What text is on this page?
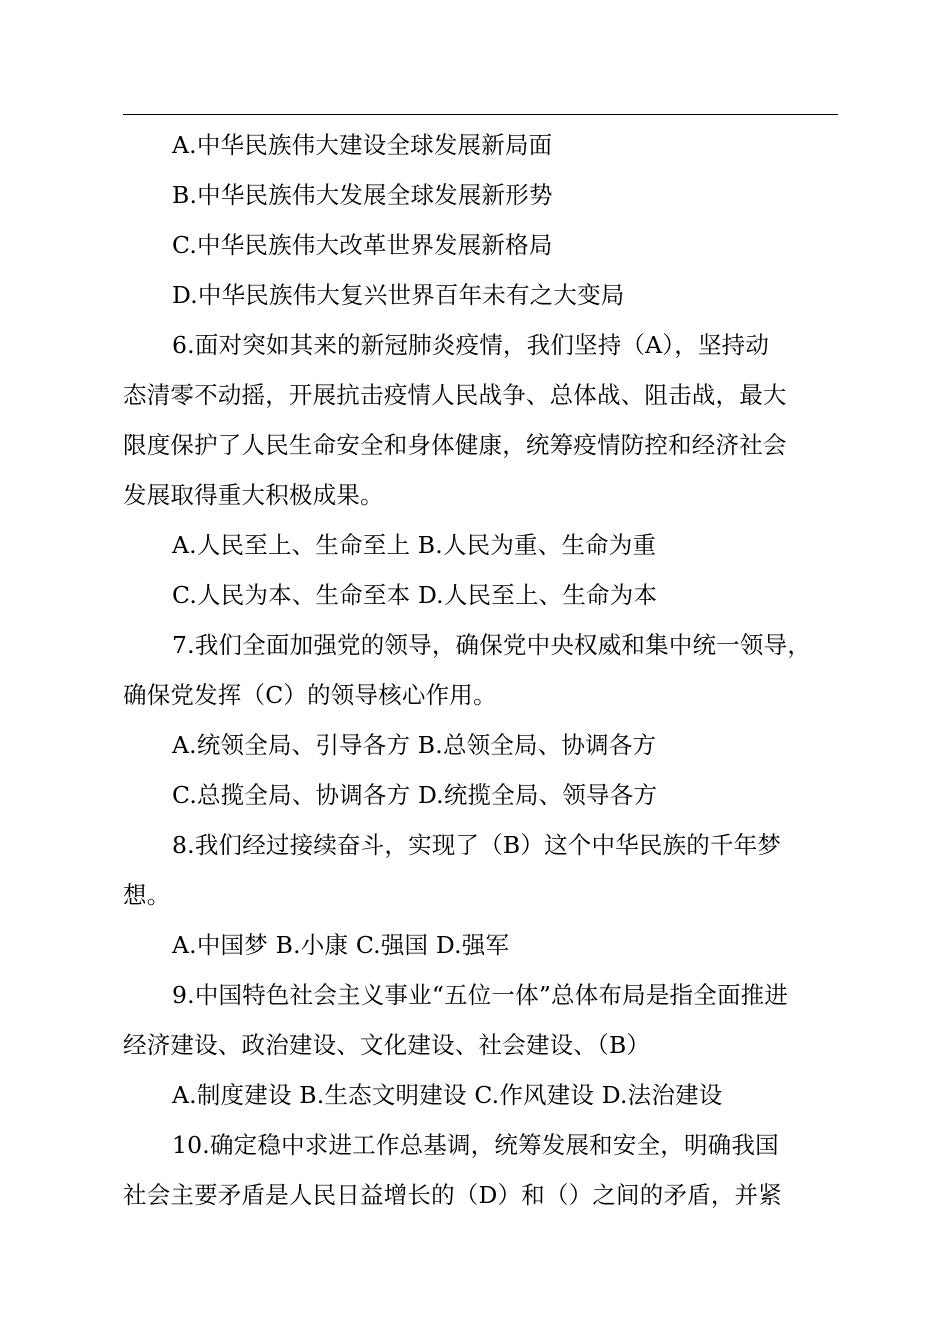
A.中华民族伟大建设全球发展新局面
B.中华民族伟大发展全球发展新形势
C.中华民族伟大改革世界发展新格局
D.中华民族伟大复兴世界百年未有之大变局
6.面对突如其来的新冠肺炎疫情，我们坚持（A），坚持动
态清零不动摇，开展抗击疫情人民战争、总体战、阻击战，最大
限度保护了人民生命安全和身体健康，统筹疫情防控和经济社会
发展取得重大积极成果。
A.人民至上、生命至上 B.人民为重、生命为重
C.人民为本、生命至本 D.人民至上、生命为本
7.我们全面加强党的领导，确保党中央权威和集中统一领导，
确保党发挥（C）的领导核心作用。
A.统领全局、引导各方 B.总领全局、协调各方
C.总揽全局、协调各方 D.统揽全局、领导各方
8.我们经过接续奋斗，实现了（B）这个中华民族的千年梦
想。
A.中国梦 B.小康 C.强国 D.强军
9.中国特色社会主义事业“五位一体”总体布局是指全面推进
经济建设、政治建设、文化建设、社会建设、（B）
A.制度建设 B.生态文明建设 C.作风建设 D.法治建设
10.确定稳中求进工作总基调，统筹发展和安全，明确我国
社会主要矛盾是人民日益增长的（D）和（）之间的矛盾，并紧
